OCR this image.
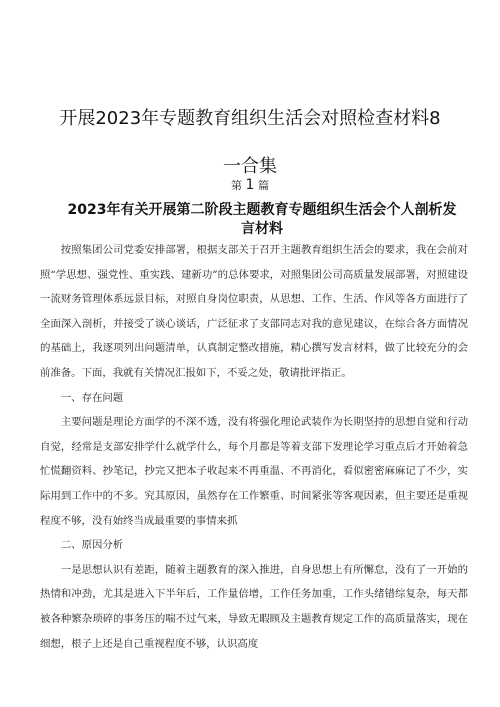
开展2023年专题教育组织生活会对照检查材料8
一合集
第 1 篇
2023年有关开展第二阶段主题教育专题组织生活会个人剖析发言材料

按照集团公司党委安排部署，根据支部关于召开主题教育组织生活会的要求，我在会前对照“学思想、强党性、重实践、建新功”的总体要求，对照集团公司高质量发展部署，对照建设一流财务管理体系远景目标，对照自身岗位职责，从思想、工作、生活、作风等各方面进行了全面深入剖析，并接受了谈心谈话，广泛征求了支部同志对我的意见建议，在综合各方面情况的基础上，我逐项列出问题清单，认真制定整改措施，精心撰写发言材料，做了比较充分的会前准备。下面，我就有关情况汇报如下，不妥之处，敬请批评指正。

一、存在问题

主要问题是理论方面学的不深不透，没有将强化理论武装作为长期坚持的思想自觉和行动自觉，经常是支部安排学什么就学什么，每个月都是等着支部下发理论学习重点后才开始着急忙慌翻资料、抄笔记，抄完又把本子收起来不再重温、不再消化，看似密密麻麻记了不少，实际用到工作中的不多。究其原因，虽然存在工作繁重、时间紧张等客观因素，但主要还是重视程度不够，没有始终当成最重要的事情来抓

二、原因分析

一是思想认识有差距，随着主题教育的深入推进，自身思想上有所懈怠，没有了一开始的热情和冲劲，尤其是进入下半年后，工作量倍增，工作任务加重，工作头绪错综复杂，每天都被各种繁杂琐碎的事务压的喘不过气来，导致无暇顾及主题教育规定工作的高质量落实，现在细想，根子上还是自己重视程度不够，认识高度
